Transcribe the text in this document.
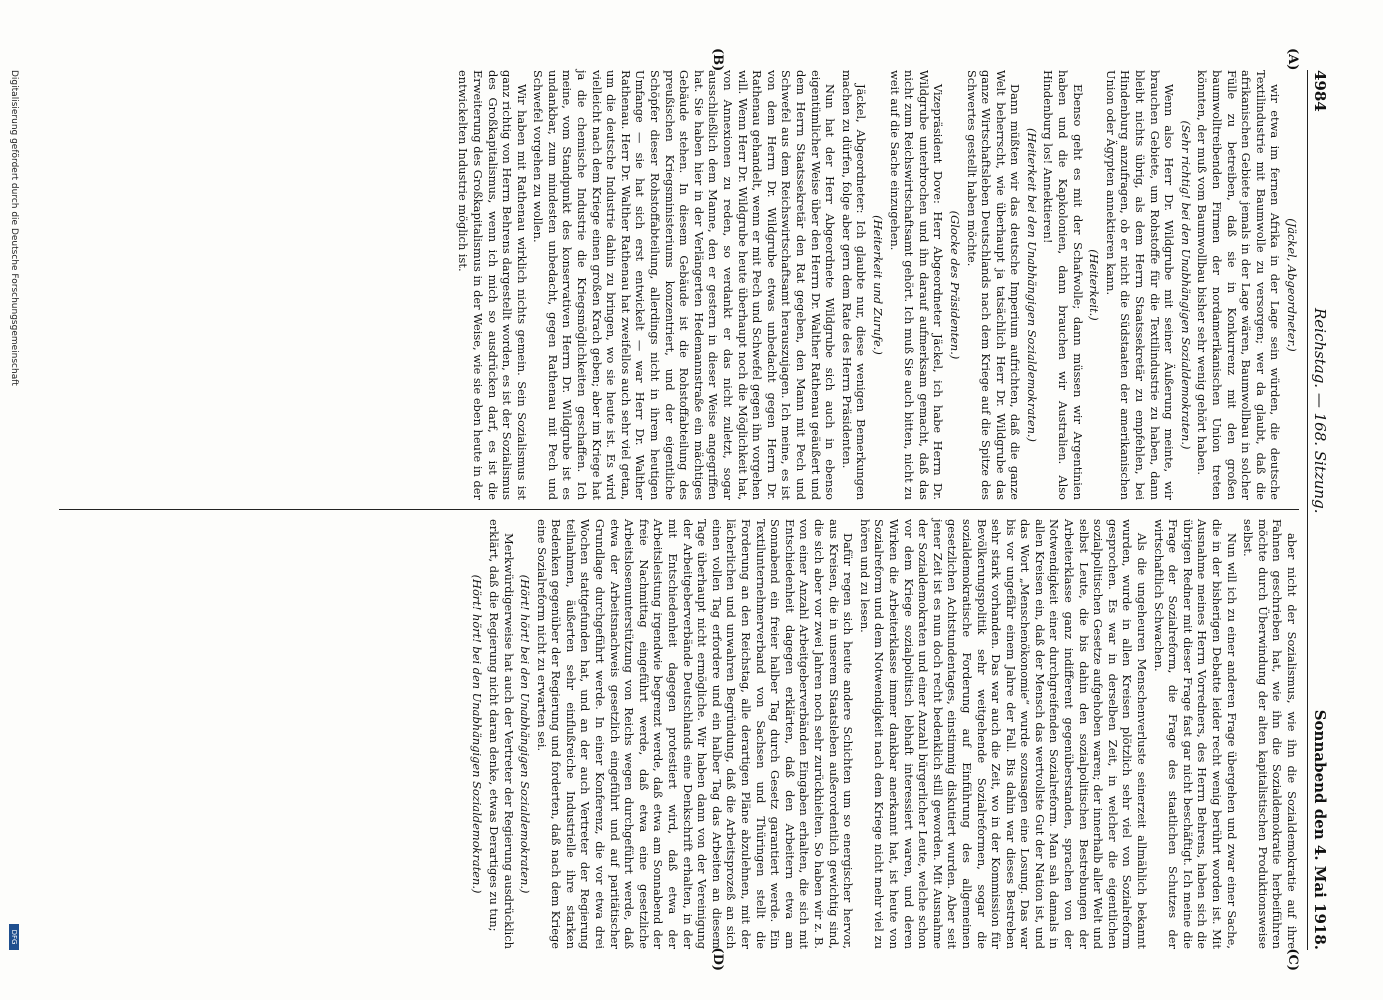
4984
Reichstag. — 168. Sitzung.
Sonnabend den 4. Mai 1918.
(A)
(B)

(Jäckel, Abgeordneter.)

wir etwa im fernen Afrika in der Lage sein würden, die deutsche Textilindustrie mit Baumwolle zu versorgen; wer da glaubt, daß die afrikanischen Gebiete jemals in der Lage wären, Baumwollbau in solcher Fülle zu betreiben, daß sie in Konkurrenz mit den großen baumwolltreibenden Firmen der nordamerikanischen Union treten könnten, der muß vom Baumwollbau bisher sehr wenig gehört haben.

(Sehr richtig! bei den Unabhängigen Sozialdemokraten.)

Wenn also Herr Dr. Wildgrube mit seiner Äußerung meinte, wir brauchen Gebiete, um Rohstoffe für die Textilindustrie zu haben, dann bleibt nichts übrig, als dem Herrn Staatssekretär zu empfehlen, bei Hindenburg anzufragen, ob er nicht die Südstaaten der amerikanischen Union oder Ägypten annektieren kann.

(Heiterkeit.)

Ebenso geht es mit der Schafwolle; dann müssen wir Argentinien haben und die Kapkolonien, dann brauchen wir Australien. Also Hindenburg los! Annektieren!

(Heiterkeit bei den Unabhängigen Sozialdemokraten.)

Dann müßten wir das deutsche Imperium aufrichten, daß die ganze Welt beherrscht, wie überhaupt ja tatsächlich Herr Dr. Wildgrube das ganze Wirtschaftsleben Deutschlands nach dem Kriege auf die Spitze des Schwertes gestellt haben möchte.

(Glocke des Präsidenten.)

Vizepräsident Dove: Herr Abgeordneter Jäckel, ich habe Herrn Dr. Wildgrube unterbrochen und ihn darauf aufmerksam gemacht, daß das nicht zum Reichswirtschaftsamt gehört. Ich muß Sie auch bitten, nicht zu weit auf die Sache einzugehen.

(Heiterkeit und Zurufe.)

Jäckel, Abgeordneter: Ich glaubte nur, diese wenigen Bemerkungen machen zu dürfen, folge aber gern dem Rate des Herrn Präsidenten.

Nun hat der Herr Abgeordnete Wildgrube sich auch in ebenso eigentümlicher Weise über den Herrn Dr. Walther Rathenau geäußert und dem Herrn Staatssekretär den Rat gegeben, den Mann mit Pech und Schwefel aus dem Reichswirtschaftsamt herauszujagen. Ich meine, es ist von dem Herrn Dr. Wildgrube etwas unbedacht gegen Herrn Dr. Rathenau gehandelt, wenn er mit Pech und Schwefel gegen ihn vorgehen will. Wenn Herr Dr. Wildgrube heute überhaupt noch die Möglichkeit hat, von Annexionen zu reden, so verdankt er das nicht zuletzt, sogar ausschließlich dem Manne, den er gestern in dieser Weise angegriffen hat. Sie haben hier in der Verlängerten Hedemannstraße ein mächtiges Gebäude stehen. In diesem Gebäude ist die Rohstoffabteilung des preußischen Kriegsministeriums konzentriert, und der eigentliche Schöpfer dieser Rohstoffabteilung, allerdings nicht in ihrem heutigen Umfange — sie hat sich erst entwickelt — war Herr Dr. Walther Rathenau. Herr Dr. Walther Rathenau hat zweifellos auch sehr viel getan, um die deutsche Industrie dahin zu bringen, wo sie heute ist. Es wird vielleicht nach dem Kriege einen großen Krach geben; aber im Kriege hat ja die chemische Industrie die Kriegsmöglichkeiten geschaffen. Ich meine, vom Standpunkt des konservativen Herrn Dr. Wildgrube ist es undankbar, zum mindesten unbedacht, gegen Rathenau mit Pech und Schwefel vorgehen zu wollen.

Wir haben mit Rathenau wirklich nichts gemein. Sein Sozialismus ist ganz richtig von Herrn Behrens dargestellt worden, es ist der Sozialismus des Großkapitalismus, wenn ich mich so ausdrücken darf, es ist die Erweiterung des Großkapitalismus in der Weise, wie sie eben heute in der entwickelten Industrie möglich ist.

(C)
(D)

aber nicht der Sozialismus, wie ihn die Sozialdemokratie auf ihre Fahnen geschrieben hat, wie ihn die Sozialdemokratie herbeiführen möchte durch Überwindung der alten kapitalistischen Produktionsweise selbst.

Nun will ich zu einer anderen Frage übergehen und zwar einer Sache, die in der bisherigen Debatte leider recht wenig berührt worden ist. Mit Ausnahme meines Herrn Vorredners, des Herrn Behrens, haben sich die übrigen Redner mit dieser Frage fast gar nicht beschäftigt. Ich meine die Frage der Sozialreform, die Frage des staatlichen Schutzes der wirtschaftlich Schwachen.

Als die ungeheuren Menschenverluste seinerzeit allmählich bekannt wurden, wurde in allen Kreisen plötzlich sehr viel von Sozialreform gesprochen. Es war in derselben Zeit, in welcher die eigentlichen sozialpolitischen Gesetze aufgehoben waren; der innerhalb aller Welt und selbst Leute, die bis dahin den sozialpolitischen Bestrebungen der Arbeiterklasse ganz indifferent gegenüberstanden, sprachen von der Notwendigkeit einer durchgreifenden Sozialreform. Man sah damals in allen Kreisen ein, daß der Mensch das wertvollste Gut der Nation ist, und das Wort „Menschenökonomie“ wurde sozusagen eine Losung. Das war bis vor ungefähr einem Jahre der Fall. Bis dahin war dieses Bestreben sehr stark vorhanden. Das war auch die Zeit, wo in der Kommission für Bevölkerungspolitik sehr weitgehende Sozialreformen, sogar die sozialdemokratische Forderung auf Einführung des allgemeinen gesetzlichen Achtstundentages, einstimmig diskutiert wurden. Aber seit jener Zeit ist es nun doch recht bedenklich still geworden. Mit Ausnahme der Sozialdemokraten und einer Anzahl bürgerlicher Leute, welche schon vor dem Kriege sozialpolitisch lebhaft interessiert waren, und deren Wirken die Arbeiterklasse immer dankbar anerkannt hat, ist heute von Sozialreform und dem Notwendigkeit nach dem Kriege nicht mehr viel zu hören und zu lesen.

Dafür regen sich heute andere Schichten um so energischer hervor, aus Kreisen, die in unserem Staatsleben außerordentlich gewichtig sind, die sich aber vor zwei Jahren noch sehr zurückhielten. So haben wir z. B. von einer Anzahl Arbeitgeberverbänden Eingaben erhalten, die sich mit Entschiedenheit dagegen erklärten, daß den Arbeitern etwa am Sonnabend ein freier halber Tag durch Gesetz garantiert werde. Ein Textilunternehmerverband von Sachsen und Thüringen stellt die Forderung an den Reichstag, alle derartigen Pläne abzulehnen, mit der lächerlichen und unwahren Begründung, daß die Arbeitsprozeß an sich einen vollen Tag erfordere und ein halber Tag das Arbeiten an diesem Tage überhaupt nicht ermögliche. Wir haben dann von der Vereinigung der Arbeitgeberverbände Deutschlands eine Denkschrift erhalten, in der mit Entschiedenheit dagegen protestiert wird, daß etwa der Arbeitsleistung irgendwie begrenzt werde, daß etwa am Sonnabend der freie Nachmittag eingeführt werde, daß etwa eine gesetzliche Arbeitslosenunterstützung von Reichs wegen durchgeführt werde, daß etwa der Arbeitsnachweis gesetzlich eingeführt und auf paritätischer Grundlage durchgeführt werde. In einer Konferenz, die vor etwa drei Wochen stattgefunden hat, und an der auch Vertreter der Regierung teilnahmen, äußerten sehr einflußreiche Industrielle ihre starken Bedenken gegenüber der Regierung und forderten, daß nach dem Kriege eine Sozialreform nicht zu erwarten sei.

(Hört! hört! bei den Unabhängigen Sozialdemokraten.)

Merkwürdigerweise hat auch der Vertreter der Regierung ausdrücklich erklärt, daß die Regierung nicht daran denke, etwas Derartiges zu tun;

(Hört! hört! bei den Unabhängigen Sozialdemokraten.)

Digitalisierung gefördert durch die Deutsche Forschungsgemeinschaft
DFG
